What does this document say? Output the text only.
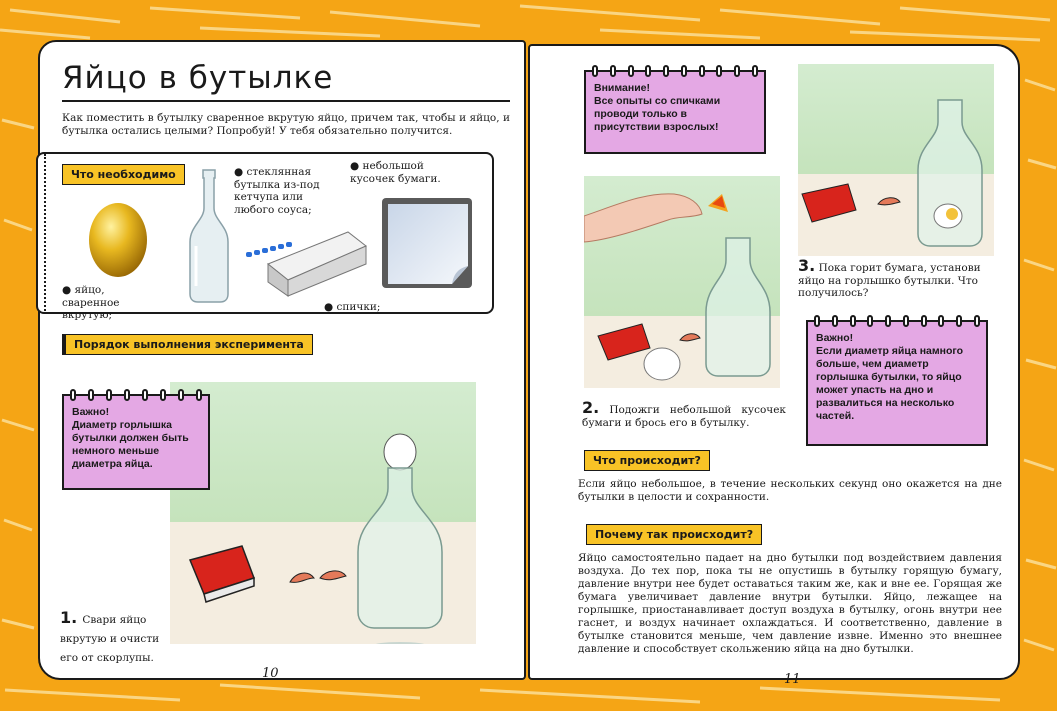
Яйцо в бутылке
Как поместить в бутылку сваренное вкрутую яйцо, причем так, чтобы и яйцо, и бутылка остались целыми? Попробуй! У тебя обязательно получится.
Что необходимо
● яйцо, сваренное вкрутую;
● стеклянная бутылка из-под кетчупа или любого соуса;
● спички;
● небольшой кусочек бумаги.
Порядок выполнения эксперимента
Важно!
Диаметр горлышка бутылки должен быть немного меньше диаметра яйца.
1. Свари яйцо вкрутую и очисти его от скорлупы.
10
Внимание!
Все опыты со спичками проводи только в присутствии взрослых!
3. Пока горит бумага, установи яйцо на горлышко бутылки. Что получилось?
2. Подожги небольшой кусочек бумаги и брось его в бутылку.
Важно!
Если диаметр яйца намного больше, чем диаметр горлышка бутылки, то яйцо может упасть на дно и развалиться на несколько частей.
Что происходит?
Если яйцо небольшое, в течение нескольких секунд оно окажется на дне бутылки в целости и сохранности.
Почему так происходит?
Яйцо самостоятельно падает на дно бутылки под воздействием давления воздуха. До тех пор, пока ты не опустишь в бутылку горящую бумагу, давление внутри нее будет оставаться таким же, как и вне ее. Горящая же бумага увеличивает давление внутри бутылки. Яйцо, лежащее на горлышке, приостанавливает доступ воздуха в бутылку, огонь внутри нее гаснет, и воздух начинает охлаждаться. И соответственно, давление в бутылке становится меньше, чем давление извне. Именно это внешнее давление и способствует скольжению яйца на дно бутылки.
11
